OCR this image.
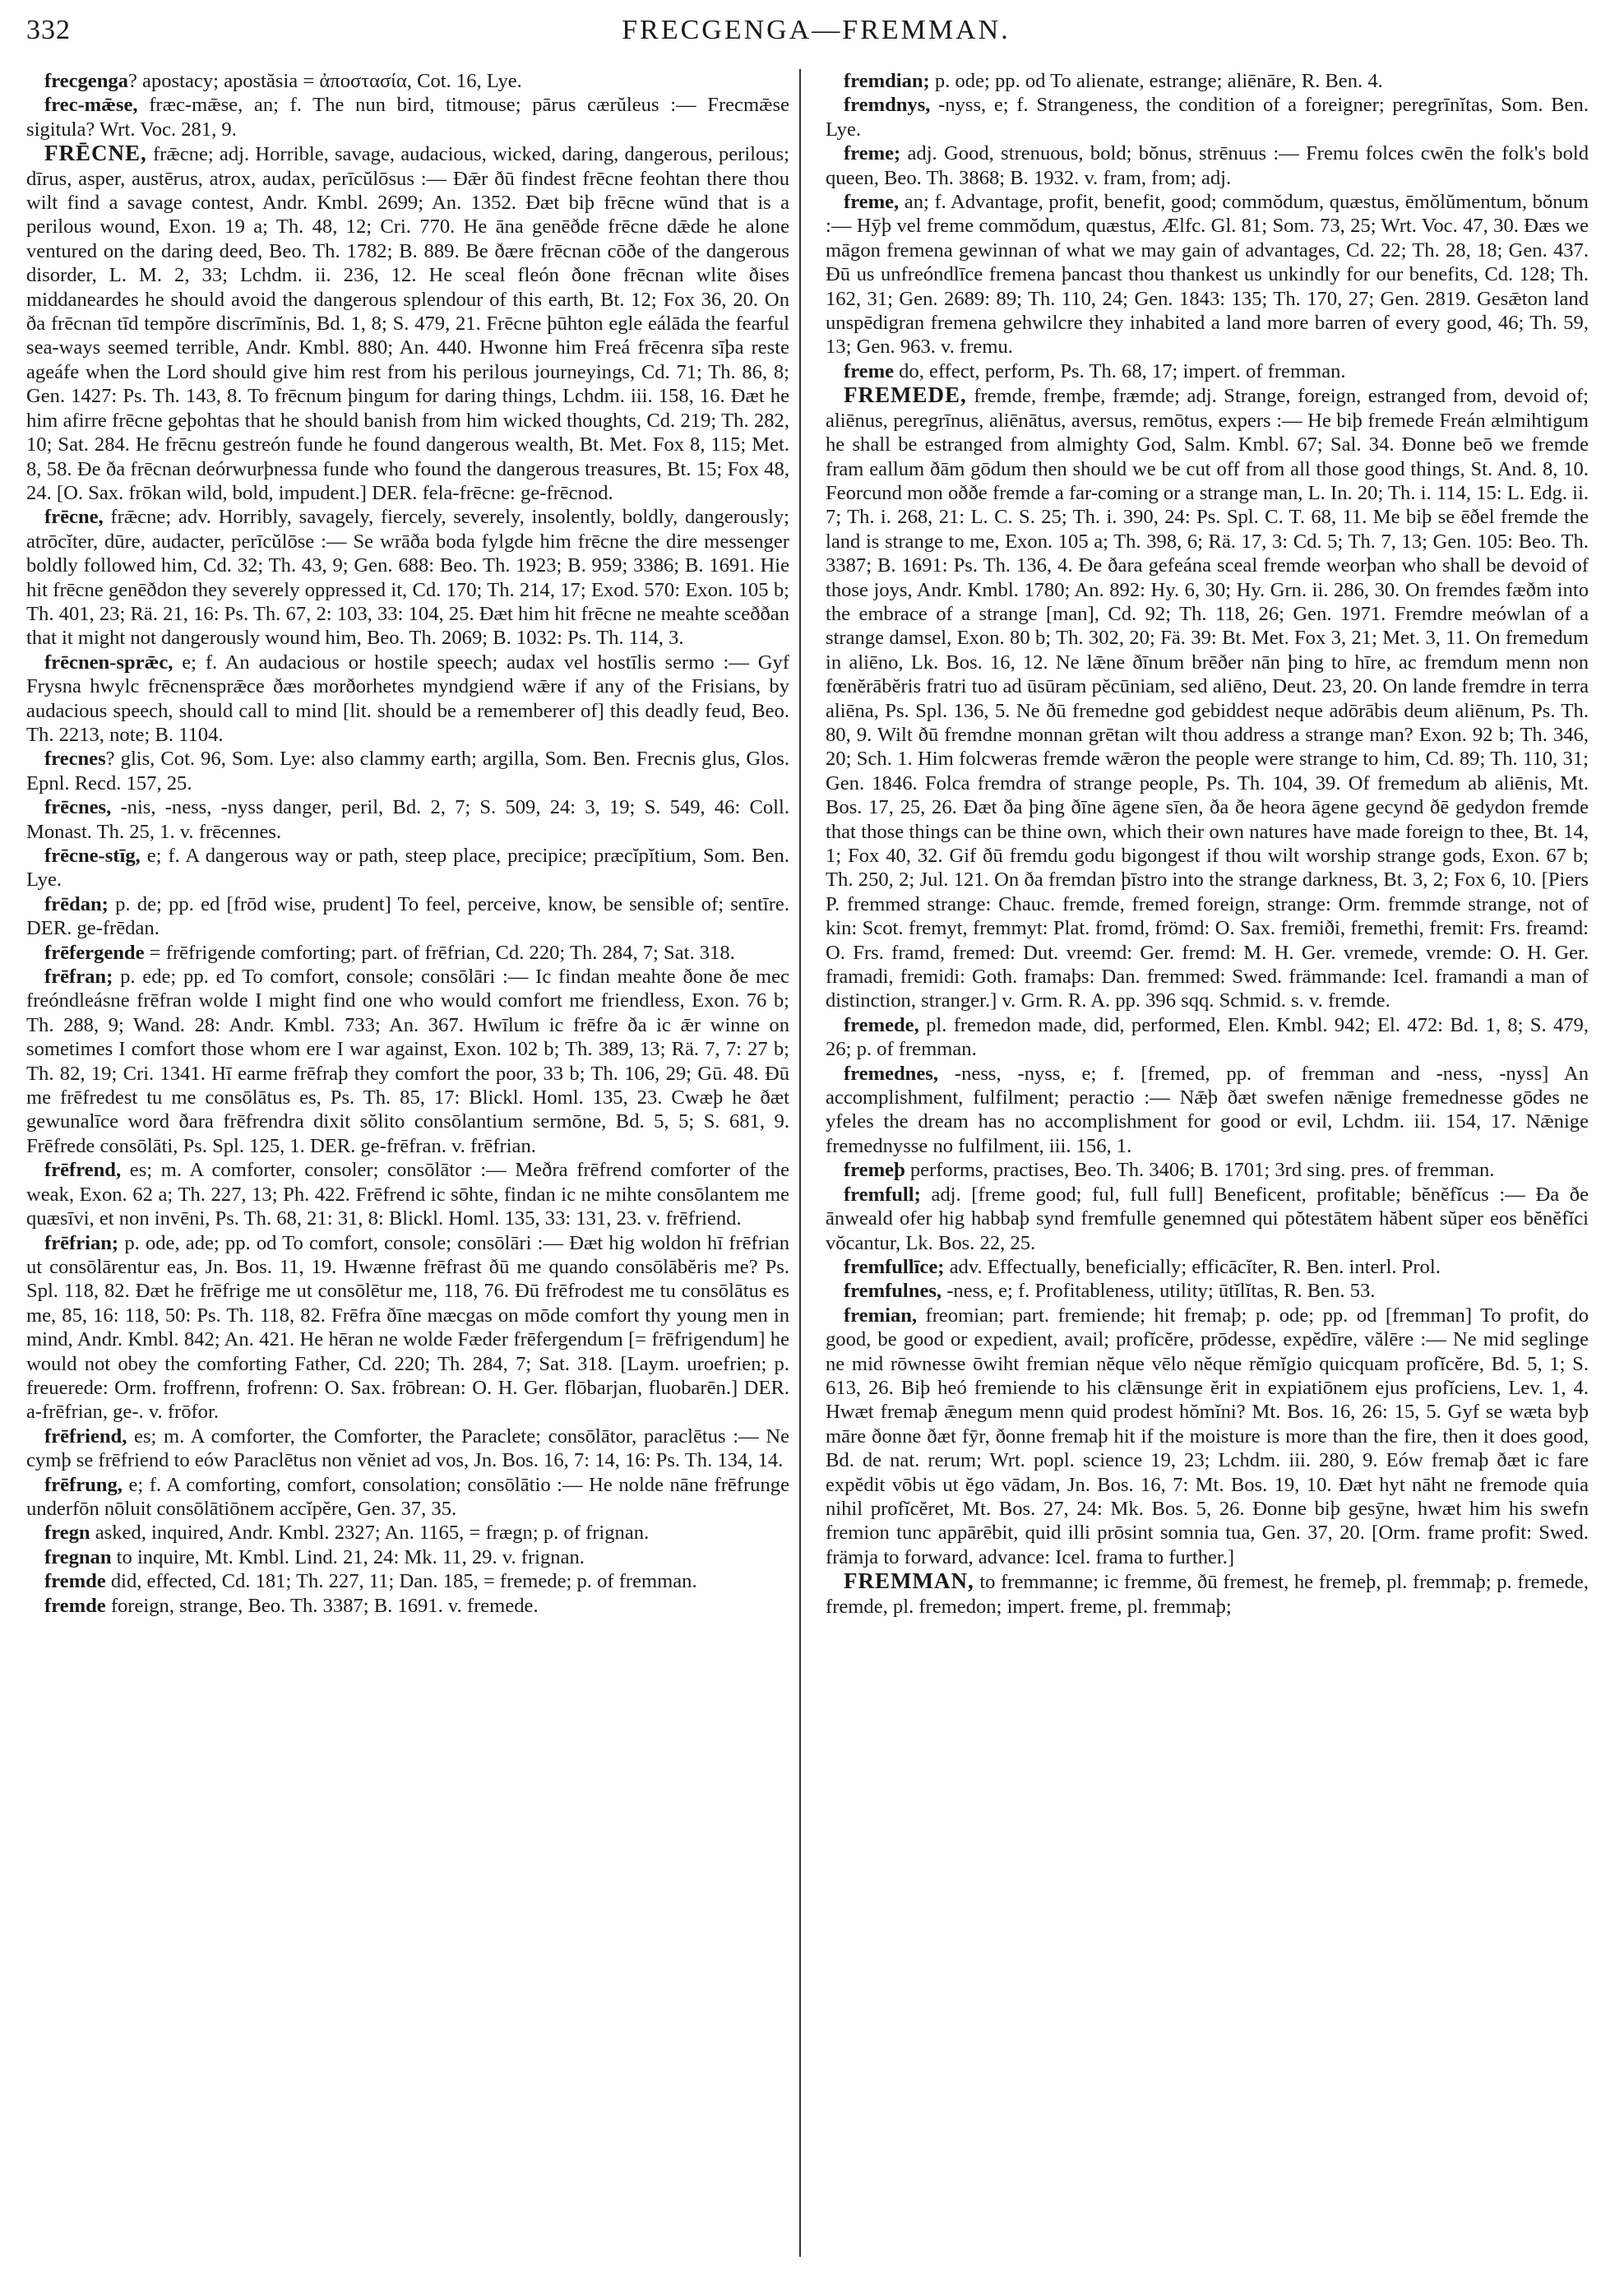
332	FRECGENGA—FREMMAN.

frecgenga? apostacy; apostăsia = ἀποστασία, Cot. 16, Lye.

frec-mǣse, fræc-mǣse, an; f. The nun bird, titmouse; pārus cærŭleus :— Frecmǣse sigitula? Wrt. Voc. 281, 9.

FRĒCNE, frǣcne; adj. Horrible, savage, audacious, wicked, daring, dangerous, perilous; dīrus, asper, austērus, atrox, audax, perīcŭlōsus :— Ðǣr ðū findest frēcne feohtan there thou wilt find a savage contest, Andr. Kmbl. 2699; An. 1352. Ðæt biþ frēcne wūnd that is a perilous wound, Exon. 19 a; Th. 48, 12; Cri. 770. He āna genēðde frēcne dǣde he alone ventured on the daring deed, Beo. Th. 1782; B. 889. Be ðære frēcnan cōðe of the dangerous disorder, L. M. 2, 33; Lchdm. ii. 236, 12. He sceal fleón ðone frēcnan wlite ðises middaneardes he should avoid the dangerous splendour of this earth, Bt. 12; Fox 36, 20. On ða frēcnan tīd tempŏre discrīmĭnis, Bd. 1, 8; S. 479, 21. Frēcne þūhton egle eálāda the fearful sea-ways seemed terrible, Andr. Kmbl. 880; An. 440. Hwonne him Freá frēcenra sīþa reste ageáfe when the Lord should give him rest from his perilous journeyings, Cd. 71; Th. 86, 8; Gen. 1427: Ps. Th. 143, 8. To frēcnum þingum for daring things, Lchdm. iii. 158, 16. Ðæt he him afirre frēcne geþohtas that he should banish from him wicked thoughts, Cd. 219; Th. 282, 10; Sat. 284. He frēcnu gestreón funde he found dangerous wealth, Bt. Met. Fox 8, 115; Met. 8, 58. Ðe ða frēcnan deórwurþnessa funde who found the dangerous treasures, Bt. 15; Fox 48, 24. [O. Sax. frōkan wild, bold, impudent.] DER. fela-frēcne: ge-frēcnod.

frēcne, frǣcne; adv. Horribly, savagely, fiercely, severely, insolently, boldly, dangerously; atrōcĭter, dūre, audacter, perīcŭlōse :— Se wrāða boda fylgde him frēcne the dire messenger boldly followed him, Cd. 32; Th. 43, 9; Gen. 688: Beo. Th. 1923; B. 959; 3386; B. 1691. Hie hit frēcne genēðdon they severely oppressed it, Cd. 170; Th. 214, 17; Exod. 570: Exon. 105 b; Th. 401, 23; Rä. 21, 16: Ps. Th. 67, 2: 103, 33: 104, 25. Ðæt him hit frēcne ne meahte sceððan that it might not dangerously wound him, Beo. Th. 2069; B. 1032: Ps. Th. 114, 3.

frēcnen-sprǣc, e; f. An audacious or hostile speech; audax vel hostīlis sermo :— Gyf Frysna hwylc frēcnensprǣce ðæs morðorhetes myndgiend wǣre if any of the Frisians, by audacious speech, should call to mind [lit. should be a rememberer of] this deadly feud, Beo. Th. 2213, note; B. 1104.

frecnes? glis, Cot. 96, Som. Lye: also clammy earth; argilla, Som. Ben. Frecnis glus, Glos. Epnl. Recd. 157, 25.

frēcnes, -nis, -ness, -nyss danger, peril, Bd. 2, 7; S. 509, 24: 3, 19; S. 549, 46: Coll. Monast. Th. 25, 1. v. frēcennes.

frēcne-stīg, e; f. A dangerous way or path, steep place, precipice; præcĭpĭtium, Som. Ben. Lye.

frēdan; p. de; pp. ed [frōd wise, prudent] To feel, perceive, know, be sensible of; sentīre. DER. ge-frēdan.

frēfergende = frēfrigende comforting; part. of frēfrian, Cd. 220; Th. 284, 7; Sat. 318.

frēfran; p. ede; pp. ed To comfort, console; consōlāri :— Ic findan meahte ðone ðe mec freóndleásne frēfran wolde I might find one who would comfort me friendless, Exon. 76 b; Th. 288, 9; Wand. 28: Andr. Kmbl. 733; An. 367. Hwīlum ic frēfre ða ic ǣr winne on sometimes I comfort those whom ere I war against, Exon. 102 b; Th. 389, 13; Rä. 7, 7: 27 b; Th. 82, 19; Cri. 1341. Hī earme frēfraþ they comfort the poor, 33 b; Th. 106, 29; Gū. 48. Ðū me frēfredest tu me consōlātus es, Ps. Th. 85, 17: Blickl. Homl. 135, 23. Cwæþ he ðæt gewunalīce word ðara frēfrendra dixit sŏlito consōlantium sermōne, Bd. 5, 5; S. 681, 9. Frēfrede consōlāti, Ps. Spl. 125, 1. DER. ge-frēfran. v. frēfrian.

frēfrend, es; m. A comforter, consoler; consōlātor :— Meðra frēfrend comforter of the weak, Exon. 62 a; Th. 227, 13; Ph. 422. Frēfrend ic sōhte, findan ic ne mihte consōlantem me quæsīvi, et non invēni, Ps. Th. 68, 21: 31, 8: Blickl. Homl. 135, 33: 131, 23. v. frēfriend.

frēfrian; p. ode, ade; pp. od To comfort, console; consōlāri :— Ðæt hig woldon hī frēfrian ut consōlārentur eas, Jn. Bos. 11, 19. Hwænne frēfrast ðū me quando consōlābĕris me? Ps. Spl. 118, 82. Ðæt he frēfrige me ut consōlētur me, 118, 76. Ðū frēfrodest me tu consōlātus es me, 85, 16: 118, 50: Ps. Th. 118, 82. Frēfra ðīne mæcgas on mōde comfort thy young men in mind, Andr. Kmbl. 842; An. 421. He hēran ne wolde Fæder frēfergendum [= frēfrigendum] he would not obey the comforting Father, Cd. 220; Th. 284, 7; Sat. 318. [Laym. uroefrien; p. freuerede: Orm. froffrenn, frofrenn: O. Sax. frōbrean: O. H. Ger. flōbarjan, fluobarēn.] DER. a-frēfrian, ge-. v. frōfor.

frēfriend, es; m. A comforter, the Comforter, the Paraclete; consōlātor, paraclētus :— Ne cymþ se frēfriend to eów Paraclētus non vĕniet ad vos, Jn. Bos. 16, 7: 14, 16: Ps. Th. 134, 14.

frēfrung, e; f. A comforting, comfort, consolation; consōlātio :— He nolde nāne frēfrunge underfōn nōluit consōlātiōnem accĭpĕre, Gen. 37, 35.

fregn asked, inquired, Andr. Kmbl. 2327; An. 1165, = frægn; p. of frignan.

fregnan to inquire, Mt. Kmbl. Lind. 21, 24: Mk. 11, 29. v. frignan.

fremde did, effected, Cd. 181; Th. 227, 11; Dan. 185, = fremede; p. of fremman.

fremde foreign, strange, Beo. Th. 3387; B. 1691. v. fremede.

fremdian; p. ode; pp. od To alienate, estrange; aliēnāre, R. Ben. 4.

fremdnys, -nyss, e; f. Strangeness, the condition of a foreigner; peregrīnĭtas, Som. Ben. Lye.

freme; adj. Good, strenuous, bold; bŏnus, strēnuus :— Fremu folces cwēn the folk's bold queen, Beo. Th. 3868; B. 1932. v. fram, from; adj.

freme, an; f. Advantage, profit, benefit, good; commŏdum, quæstus, ēmŏlŭmentum, bŏnum :— Hȳþ vel freme commŏdum, quæstus, Ælfc. Gl. 81; Som. 73, 25; Wrt. Voc. 47, 30. Ðæs we māgon fremena gewinnan of what we may gain of advantages, Cd. 22; Th. 28, 18; Gen. 437. Ðū us unfreóndlīce fremena þancast thou thankest us unkindly for our benefits, Cd. 128; Th. 162, 31; Gen. 2689: 89; Th. 110, 24; Gen. 1843: 135; Th. 170, 27; Gen. 2819. Gesǣton land unspēdigran fremena gehwilcre they inhabited a land more barren of every good, 46; Th. 59, 13; Gen. 963. v. fremu.

freme do, effect, perform, Ps. Th. 68, 17; impert. of fremman.

FREMEDE, fremde, fremþe, fræmde; adj. Strange, foreign, estranged from, devoid of; aliēnus, peregrīnus, aliēnātus, aversus, remōtus, expers :— He biþ fremede Freán ælmihtigum he shall be estranged from almighty God, Salm. Kmbl. 67; Sal. 34. Ðonne beō we fremde fram eallum ðām gōdum then should we be cut off from all those good things, St. And. 8, 10. Feorcund mon oððe fremde a far-coming or a strange man, L. In. 20; Th. i. 114, 15: L. Edg. ii. 7; Th. i. 268, 21: L. C. S. 25; Th. i. 390, 24: Ps. Spl. C. T. 68, 11. Me biþ se ēðel fremde the land is strange to me, Exon. 105 a; Th. 398, 6; Rä. 17, 3: Cd. 5; Th. 7, 13; Gen. 105: Beo. Th. 3387; B. 1691: Ps. Th. 136, 4. Ðe ðara gefeána sceal fremde weorþan who shall be devoid of those joys, Andr. Kmbl. 1780; An. 892: Hy. 6, 30; Hy. Grn. ii. 286, 30. On fremdes fæðm into the embrace of a strange [man], Cd. 92; Th. 118, 26; Gen. 1971. Fremdre meówlan of a strange damsel, Exon. 80 b; Th. 302, 20; Fä. 39: Bt. Met. Fox 3, 21; Met. 3, 11. On fremedum in aliēno, Lk. Bos. 16, 12. Ne lǣne ðīnum brēðer nān þing to hīre, ac fremdum menn non fœnĕrābĕris fratri tuo ad ūsūram pĕcūniam, sed aliēno, Deut. 23, 20. On lande fremdre in terra aliēna, Ps. Spl. 136, 5. Ne ðū fremedne god gebiddest neque adōrābis deum aliēnum, Ps. Th. 80, 9. Wilt ðū fremdne monnan grētan wilt thou address a strange man? Exon. 92 b; Th. 346, 20; Sch. 1. Him folcweras fremde wǣron the people were strange to him, Cd. 89; Th. 110, 31; Gen. 1846. Folca fremdra of strange people, Ps. Th. 104, 39. Of fremedum ab aliēnis, Mt. Bos. 17, 25, 26. Ðæt ða þing ðīne āgene sīen, ða ðe heora āgene gecynd ðē gedydon fremde that those things can be thine own, which their own natures have made foreign to thee, Bt. 14, 1; Fox 40, 32. Gif ðū fremdu godu bigongest if thou wilt worship strange gods, Exon. 67 b; Th. 250, 2; Jul. 121. On ða fremdan þīstro into the strange darkness, Bt. 3, 2; Fox 6, 10. [Piers P. fremmed strange: Chauc. fremde, fremed foreign, strange: Orm. fremmde strange, not of kin: Scot. fremyt, fremmyt: Plat. fromd, frömd: O. Sax. fremiði, fremethi, fremit: Frs. freamd: O. Frs. framd, fremed: Dut. vreemd: Ger. fremd: M. H. Ger. vremede, vremde: O. H. Ger. framadi, fremidi: Goth. framaþs: Dan. fremmed: Swed. främmande: Icel. framandi a man of distinction, stranger.] v. Grm. R. A. pp. 396 sqq. Schmid. s. v. fremde.

fremede, pl. fremedon made, did, performed, Elen. Kmbl. 942; El. 472: Bd. 1, 8; S. 479, 26; p. of fremman.

fremednes, -ness, -nyss, e; f. [fremed, pp. of fremman and -ness, -nyss] An accomplishment, fulfilment; peractio :— Nǣþ ðæt swefen nǣnige fremednesse gōdes ne yfeles the dream has no accomplishment for good or evil, Lchdm. iii. 154, 17. Nǣnige fremednysse no fulfilment, iii. 156, 1.

fremeþ performs, practises, Beo. Th. 3406; B. 1701; 3rd sing. pres. of fremman.

fremfull; adj. [freme good; ful, full full] Beneficent, profitable; bĕnĕfĭcus :— Ða ðe ānweald ofer hig habbaþ synd fremfulle genemned qui pŏtestātem hăbent sŭper eos bĕnĕfĭci vŏcantur, Lk. Bos. 22, 25.

fremfullīce; adv. Effectually, beneficially; efficācĭter, R. Ben. interl. Prol.

fremfulnes, -ness, e; f. Profitableness, utility; ūtĭlĭtas, R. Ben. 53.

fremian, freomian; part. fremiende; hit fremaþ; p. ode; pp. od [fremman] To profit, do good, be good or expedient, avail; profĭcĕre, prōdesse, expĕdīre, vălēre :— Ne mid seglinge ne mid rōwnesse ōwiht fremian nĕque vēlo nĕque rĕmĭgio quicquam profĭcĕre, Bd. 5, 1; S. 613, 26. Biþ heó fremiende to his clǣnsunge ĕrit in expiatiōnem ejus profĭciens, Lev. 1, 4. Hwæt fremaþ ǣnegum menn quid prodest hŏmĭni? Mt. Bos. 16, 26: 15, 5. Gyf se wæta byþ māre ðonne ðæt fȳr, ðonne fremaþ hit if the moisture is more than the fire, then it does good, Bd. de nat. rerum; Wrt. popl. science 19, 23; Lchdm. iii. 280, 9. Eów fremaþ ðæt ic fare expĕdit vōbis ut ĕgo vādam, Jn. Bos. 16, 7: Mt. Bos. 19, 10. Ðæt hyt nāht ne fremode quia nihil profĭcĕret, Mt. Bos. 27, 24: Mk. Bos. 5, 26. Ðonne biþ gesȳne, hwæt him his swefn fremion tunc appārēbit, quid illi prōsint somnia tua, Gen. 37, 20. [Orm. frame profit: Swed. främja to forward, advance: Icel. frama to further.]

FREMMAN, to fremmanne; ic fremme, ðū fremest, he fremeþ, pl. fremmaþ; p. fremede, fremde, pl. fremedon; impert. freme, pl. fremmaþ;
